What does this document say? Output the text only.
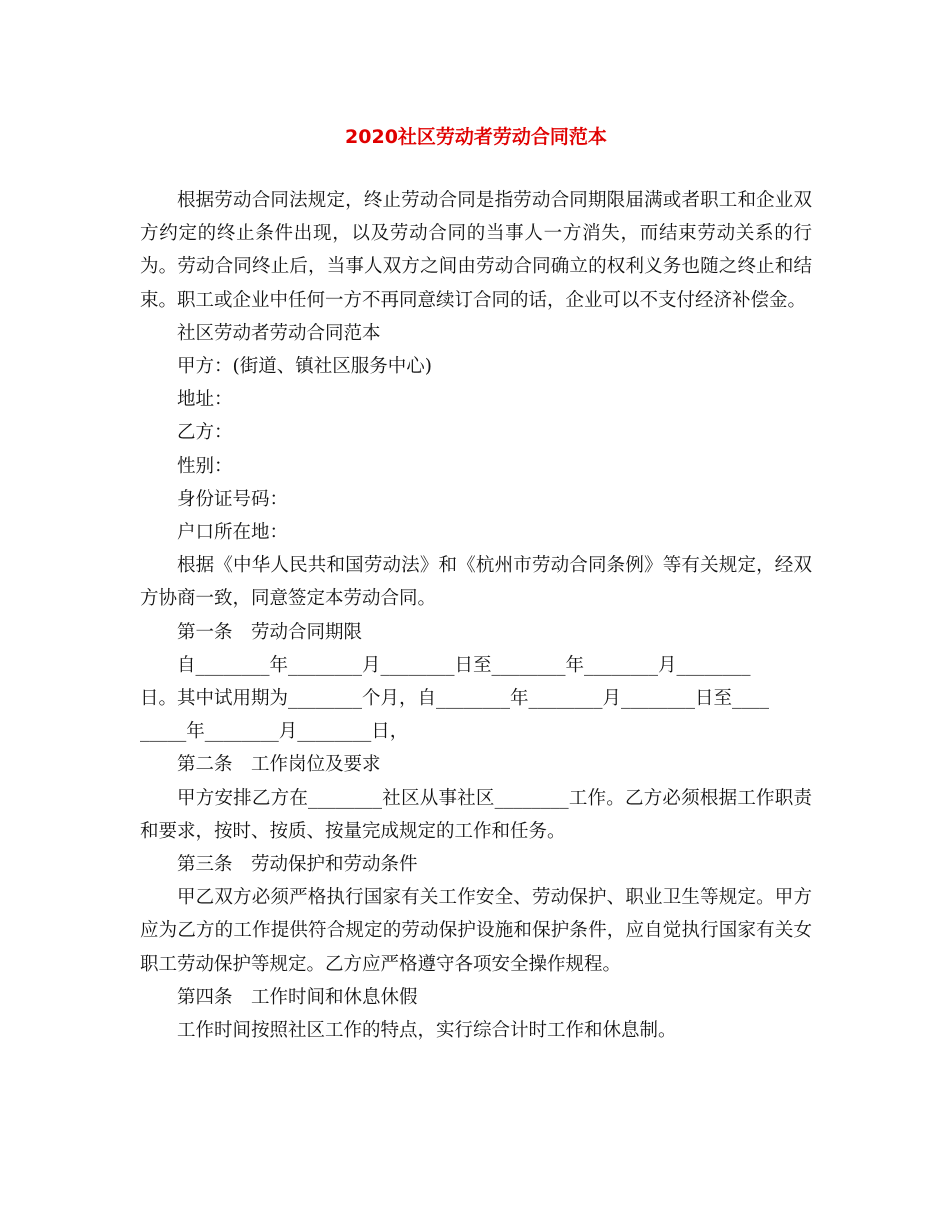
2020社区劳动者劳动合同范本

根据劳动合同法规定，终止劳动合同是指劳动合同期限届满或者职工和企业双方约定的终止条件出现，以及劳动合同的当事人一方消失，而结束劳动关系的行为。劳动合同终止后，当事人双方之间由劳动合同确立的权利义务也随之终止和结束。职工或企业中任何一方不再同意续订合同的话，企业可以不支付经济补偿金。

社区劳动者劳动合同范本

甲方：(街道、镇社区服务中心)

地址：

乙方：

性别：

身份证号码：

户口所在地：

根据《中华人民共和国劳动法》和《杭州市劳动合同条例》等有关规定，经双方协商一致，同意签定本劳动合同。

第一条　劳动合同期限

自________年________月________日至________年________月________

日。其中试用期为________个月，自________年________月________日至____

_____年________月________日，

第二条　工作岗位及要求

甲方安排乙方在________社区从事社区________工作。乙方必须根据工作职责和要求，按时、按质、按量完成规定的工作和任务。

第三条　劳动保护和劳动条件

甲乙双方必须严格执行国家有关工作安全、劳动保护、职业卫生等规定。甲方应为乙方的工作提供符合规定的劳动保护设施和保护条件，应自觉执行国家有关女职工劳动保护等规定。乙方应严格遵守各项安全操作规程。

第四条　工作时间和休息休假

工作时间按照社区工作的特点，实行综合计时工作和休息制。
